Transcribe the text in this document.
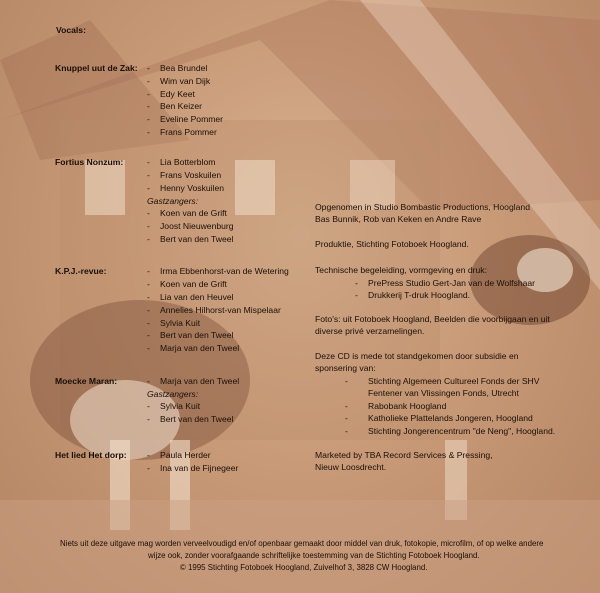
Vocals:
Knuppel uut de Zak: - Bea Brundel
- Wim van Dijk
- Edy Keet
- Ben Keizer
- Eveline Pommer
- Frans Pommer
Fortius Nonzum:	- Lia Botterblom
- Frans Voskuilen
- Henny Voskuilen
Gastzangers:
- Koen van de Grift
- Joost Nieuwenburg
- Bert van den Tweel
K.P.J.-revue:	- Irma Ebbenhorst-van de Wetering
- Koen van de Grift
- Lia van den Heuvel
- Annelies Hilhorst-van Mispelaar
- Sylvia Kuit
- Bert van den Tweel
- Marja van den Tweel
Moecke Maran:	- Marja van den Tweel
Gastzangers:
- Sylvia Kuit
- Bert van den Tweel
Het lied Het dorp: - Paula Herder
- Ina van de Fijnegeer
Opgenomen in Studio Bombastic Productions, Hoogland
Bas Bunnik, Rob van Keken en Andre Rave
Produktie, Stichting Fotoboek Hoogland.
Technische begeleiding, vormgeving en druk:
- PrePress Studio Gert-Jan van de Wolfshaar
- Drukkerij T-druk Hoogland.
Foto's: uit Fotoboek Hoogland, Beelden die voorbijgaan en uit
diverse privé verzamelingen.
Deze CD is mede tot standgekomen door subsidie en
sponsering van:
- Stichting Algemeen Cultureel Fonds der SHV
Fentener van Vlissingen Fonds, Utrecht
- Rabobank Hoogland
- Katholieke Plattelands Jongeren, Hoogland
- Stichting Jongerencentrum "de Neng", Hoogland.
Marketed by TBA Record Services & Pressing,
Nieuw Loosdrecht.
Niets uit deze uitgave mag worden verveelvoudigd en/of openbaar gemaakt door middel van druk, fotokopie, microfilm, of op welke andere
wijze ook, zonder voorafgaande schriftelijke toestemming van de Stichting Fotoboek Hoogland.
© 1995 Stichting Fotoboek Hoogland, Zuivelhof 3, 3828 CW Hoogland.
